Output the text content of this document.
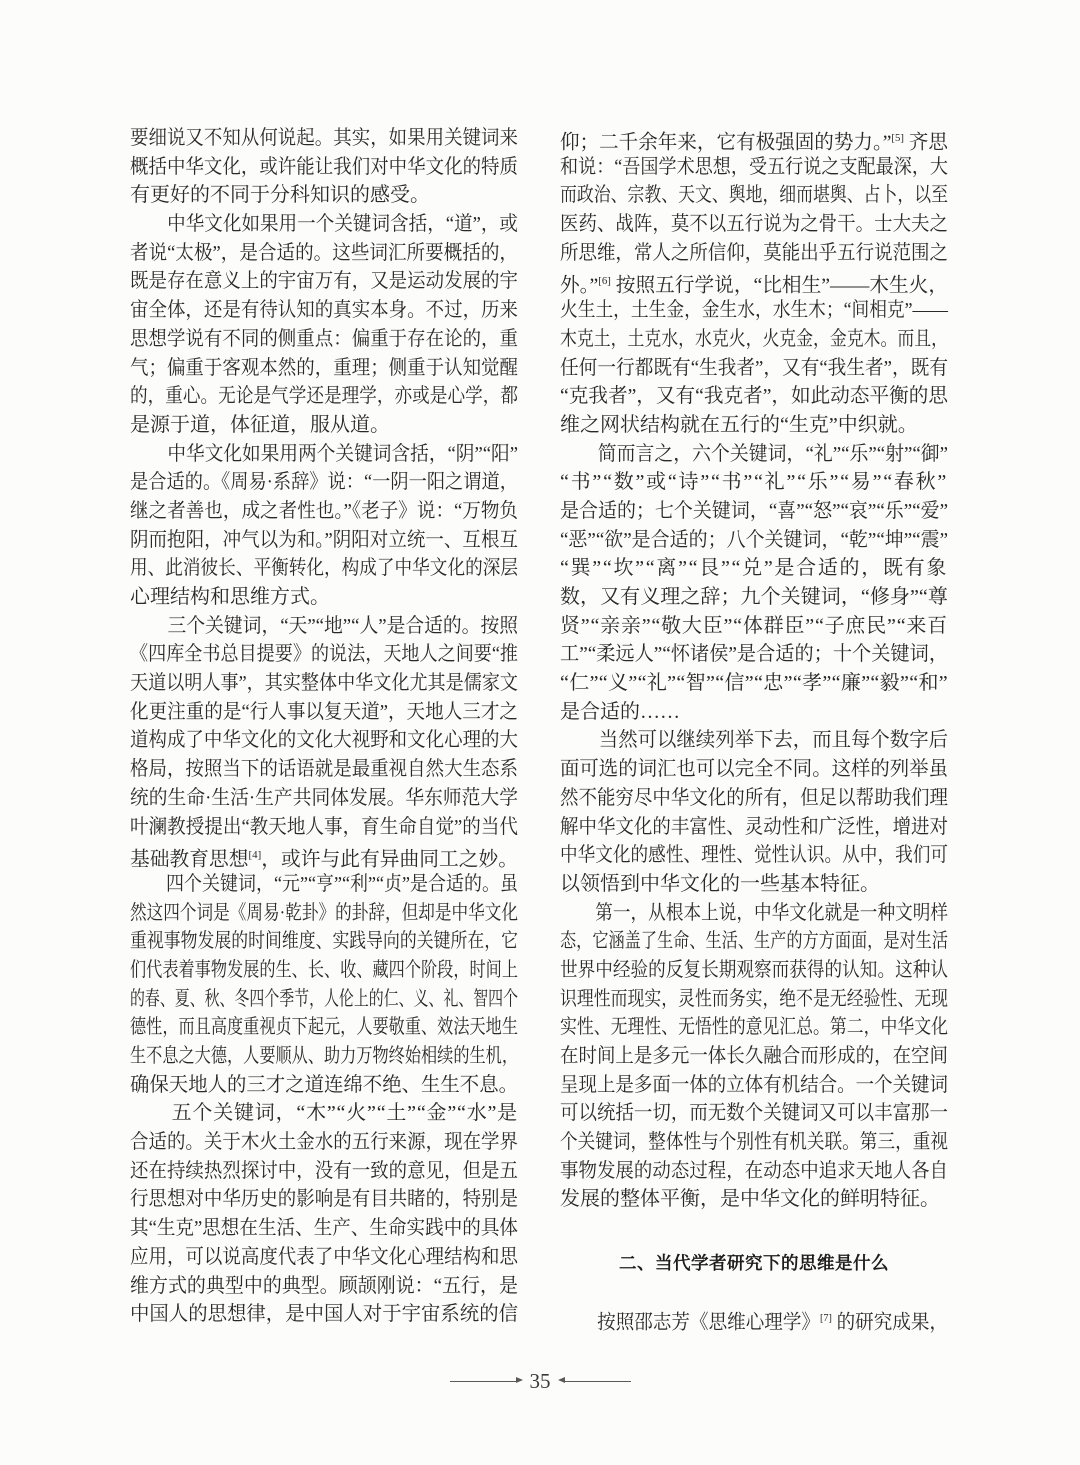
要细说又不知从何说起。其实，如果用关键词来
概括中华文化，或许能让我们对中华文化的特质
有更好的不同于分科知识的感受。
　　中华文化如果用一个关键词含括，“道”，或
者说“太极”，是合适的。这些词汇所要概括的，
既是存在意义上的宇宙万有，又是运动发展的宇
宙全体，还是有待认知的真实本身。不过，历来
思想学说有不同的侧重点：偏重于存在论的，重
气；偏重于客观本然的，重理；侧重于认知觉醒
的，重心。无论是气学还是理学，亦或是心学，都
是源于道，体征道，服从道。
　　中华文化如果用两个关键词含括，“阴”“阳”
是合适的。《周易·系辞》说：“一阴一阳之谓道，
继之者善也，成之者性也。”《老子》说：“万物负
阴而抱阳，冲气以为和。”阴阳对立统一、互根互
用、此消彼长、平衡转化，构成了中华文化的深层
心理结构和思维方式。
　　三个关键词，“天”“地”“人”是合适的。按照
《四库全书总目提要》的说法，天地人之间要“推
天道以明人事”，其实整体中华文化尤其是儒家文
化更注重的是“行人事以复天道”，天地人三才之
道构成了中华文化的文化大视野和文化心理的大
格局，按照当下的话语就是最重视自然大生态系
统的生命·生活·生产共同体发展。华东师范大学
叶澜教授提出“教天地人事，育生命自觉”的当代
基础教育思想[4]，或许与此有异曲同工之妙。
　　四个关键词，“元”“亨”“利”“贞”是合适的。虽
然这四个词是《周易·乾卦》的卦辞，但却是中华文化
重视事物发展的时间维度、实践导向的关键所在，它
们代表着事物发展的生、长、收、藏四个阶段，时间上
的春、夏、秋、冬四个季节，人伦上的仁、义、礼、智四个
德性，而且高度重视贞下起元，人要敬重、效法天地生
生不息之大德，人要顺从、助力万物终始相续的生机，
确保天地人的三才之道连绵不绝、生生不息。
　　五个关键词，“木”“火”“土”“金”“水”是
合适的。关于木火土金水的五行来源，现在学界
还在持续热烈探讨中，没有一致的意见，但是五
行思想对中华历史的影响是有目共睹的，特别是
其“生克”思想在生活、生产、生命实践中的具体
应用，可以说高度代表了中华文化心理结构和思
维方式的典型中的典型。顾颉刚说：“五行，是
中国人的思想律，是中国人对于宇宙系统的信
仰；二千余年来，它有极强固的势力。”[5] 齐思
和说：“吾国学术思想，受五行说之支配最深，大
而政治、宗教、天文、舆地，细而堪舆、占卜，以至
医药、战阵，莫不以五行说为之骨干。士大夫之
所思维，常人之所信仰，莫能出乎五行说范围之
外。”[6] 按照五行学说，“比相生”——木生火，
火生土，土生金，金生水，水生木；“间相克”——
木克土，土克水，水克火，火克金，金克木。而且，
任何一行都既有“生我者”，又有“我生者”，既有
“克我者”，又有“我克者”，如此动态平衡的思
维之网状结构就在五行的“生克”中织就。
　　简而言之，六个关键词，“礼”“乐”“射”“御”
“书”“数”或“诗”“书”“礼”“乐”“易”“春秋”
是合适的；七个关键词，“喜”“怒”“哀”“乐”“爱”
“恶”“欲”是合适的；八个关键词，“乾”“坤”“震”
“巽”“坎”“离”“艮”“兑”是合适的，既有象
数，又有义理之辞；九个关键词，“修身”“尊
贤”“亲亲”“敬大臣”“体群臣”“子庶民”“来百
工”“柔远人”“怀诸侯”是合适的；十个关键词，
“仁”“义”“礼”“智”“信”“忠”“孝”“廉”“毅”“和”
是合适的……
　　当然可以继续列举下去，而且每个数字后
面可选的词汇也可以完全不同。这样的列举虽
然不能穷尽中华文化的所有，但足以帮助我们理
解中华文化的丰富性、灵动性和广泛性，增进对
中华文化的感性、理性、觉性认识。从中，我们可
以领悟到中华文化的一些基本特征。
　　第一，从根本上说，中华文化就是一种文明样
态，它涵盖了生命、生活、生产的方方面面，是对生活
世界中经验的反复长期观察而获得的认知。这种认
识理性而现实，灵性而务实，绝不是无经验性、无现
实性、无理性、无悟性的意见汇总。第二，中华文化
在时间上是多元一体长久融合而形成的，在空间
呈现上是多面一体的立体有机结合。一个关键词
可以统括一切，而无数个关键词又可以丰富那一
个关键词，整体性与个别性有机关联。第三，重视
事物发展的动态过程，在动态中追求天地人各自
发展的整体平衡，是中华文化的鲜明特征。
二、当代学者研究下的思维是什么
　　按照邵志芳《思维心理学》[7] 的研究成果，
35
